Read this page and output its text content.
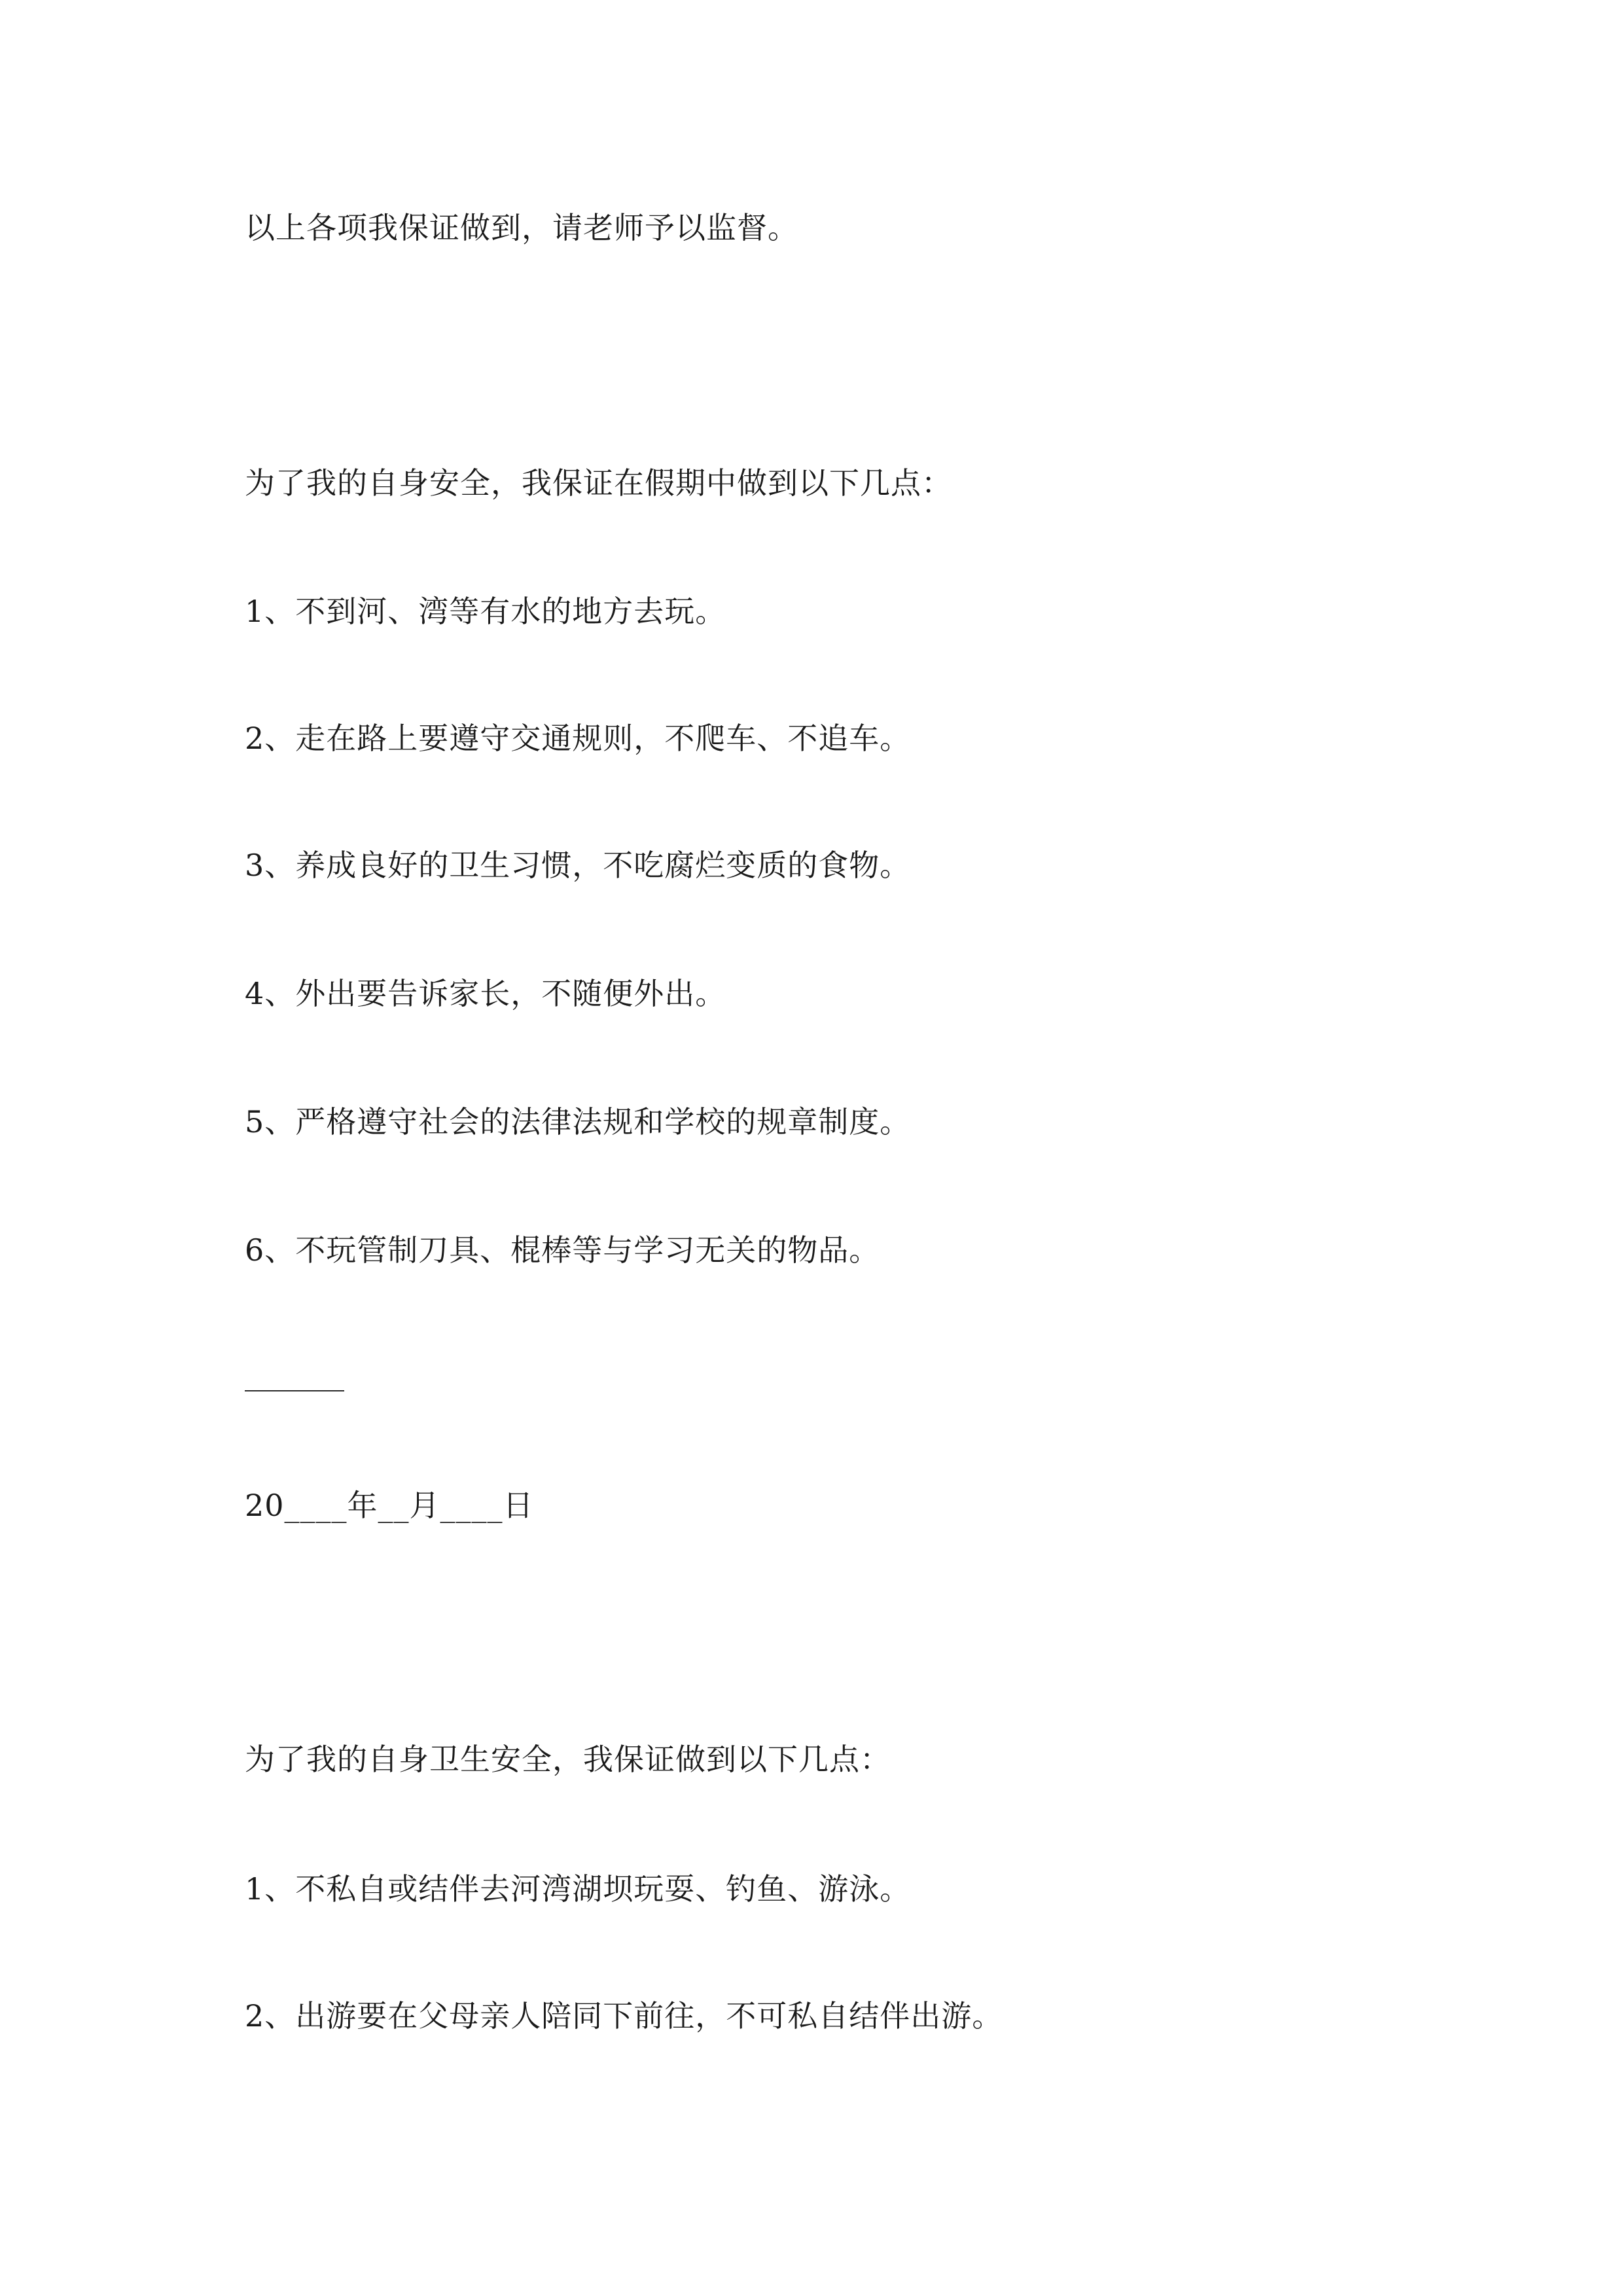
以上各项我保证做到，请老师予以监督。
为了我的自身安全，我保证在假期中做到以下几点：
1、不到河、湾等有水的地方去玩。
2、走在路上要遵守交通规则，不爬车、不追车。
3、养成良好的卫生习惯，不吃腐烂变质的食物。
4、外出要告诉家长，不随便外出。
5、严格遵守社会的法律法规和学校的规章制度。
6、不玩管制刀具、棍棒等与学习无关的物品。
20____年__月____日
为了我的自身卫生安全，我保证做到以下几点：
1、不私自或结伴去河湾湖坝玩耍、钓鱼、游泳。
2、出游要在父母亲人陪同下前往，不可私自结伴出游。
